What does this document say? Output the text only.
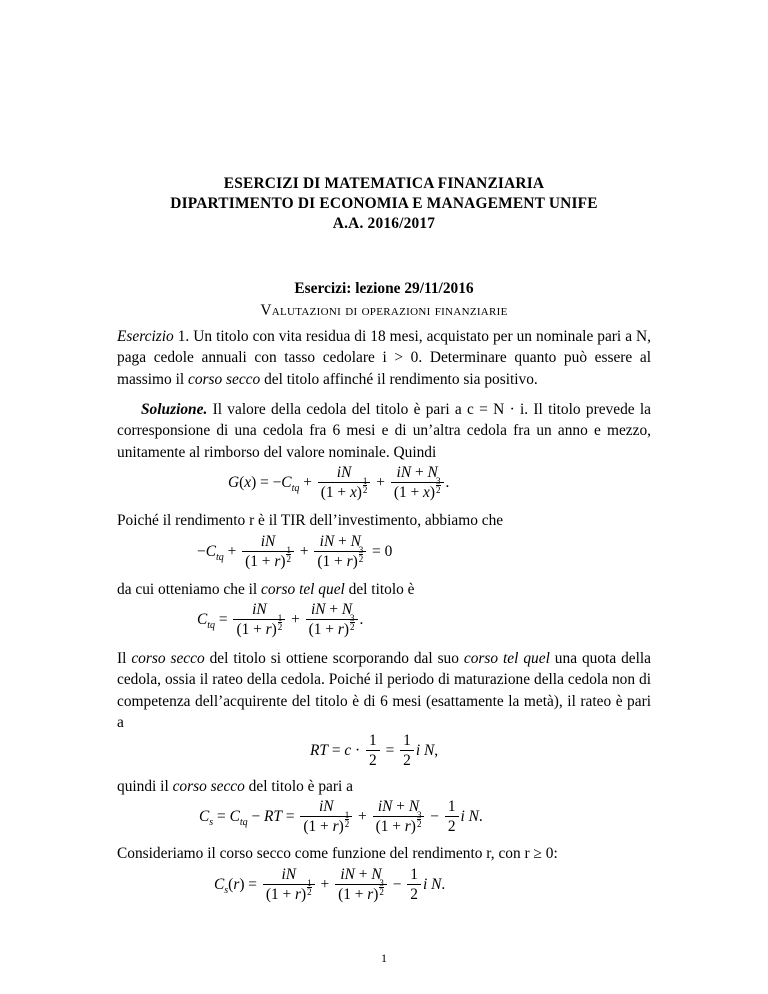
ESERCIZI DI MATEMATICA FINANZIARIA
DIPARTIMENTO DI ECONOMIA E MANAGEMENT UNIFE
A.A. 2016/2017
Esercizi: lezione 29/11/2016
Valutazioni di operazioni finanziarie
Esercizio 1. Un titolo con vita residua di 18 mesi, acquistato per un nominale pari a N, paga cedole annuali con tasso cedolare i > 0. Determinare quanto può essere al massimo il corso secco del titolo affinché il rendimento sia positivo.
Soluzione. Il valore della cedola del titolo è pari a c = N · i. Il titolo prevede la corresponsione di una cedola fra 6 mesi e di un’altra cedola fra un anno e mezzo, unitamente al rimborso del valore nominale. Quindi
$G(x) = -C_{tq} + \frac{iN}{(1 + x) \frac{1}{2}} + \frac{iN + N}{(1 + x) \frac{3}{2}}$ .
Poiché il rendimento r è il TIR dell’investimento, abbiamo che
$-C_{tq} + \frac{iN}{(1 + r) \frac{1}{2}} + \frac{iN + N}{(1 + r) \frac{3}{2}} = 0$
da cui otteniamo che il corso tel quel del titolo è
$C_{tq} = \frac{iN}{(1 + r) \frac{1}{2}} + \frac{iN + N}{(1 + r) \frac{3}{2}}$ .
Il corso secco del titolo si ottiene scorporando dal suo corso tel quel una quota della cedola, ossia il rateo della cedola. Poiché il periodo di maturazione della cedola non di competenza dell’acquirente del titolo è di 6 mesi (esattamente la metà), il rateo è pari a
RT = $c \cdot \frac{1}{2} = \frac{1}{2}$ i N,
quindi il corso secco del titolo è pari a
$C_s = C_{tq}$ − RT = $\frac{iN}{(1 + r) \frac{1}{2}} + \frac{iN + N}{(1 + r) \frac{3}{2}} - \frac{1}{2}$ i N.
Consideriamo il corso secco come funzione del rendimento r, con r ≥ 0:
$C_s(r) = \frac{iN}{(1 + r) \frac{1}{2}} + \frac{iN + N}{(1 + r) \frac{3}{2}} - \frac{1}{2}$ i N.
1
